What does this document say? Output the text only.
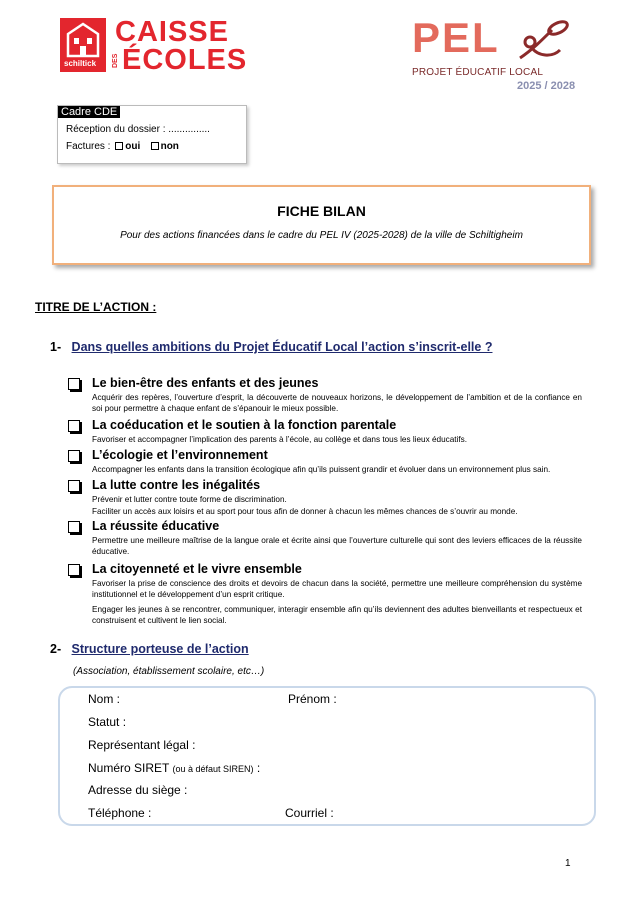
schiltick
CAISSE
DES ÉCOLES	PEL
PROJET ÉDUCATIF LOCAL
2025 / 2028
Cadre CDE
Réception du dossier : ...............
Factures : oui non
FICHE BILAN
Pour des actions financées dans le cadre du PEL IV (2025-2028) de la ville de Schiltigheim
TITRE DE L’ACTION :
1- Dans quelles ambitions du Projet Éducatif Local l’action s’inscrit-elle ?
Le bien-être des enfants et des jeunes
Acquérir des repères, l’ouverture d’esprit, la découverte de nouveaux horizons, le développement de l’ambition et de la confiance en soi pour permettre à chaque enfant de s’épanouir le mieux possible.
La coéducation et le soutien à la fonction parentale
Favoriser et accompagner l’implication des parents à l’école, au collège et dans tous les lieux éducatifs.
L’écologie et l’environnement
Accompagner les enfants dans la transition écologique afin qu’ils puissent grandir et évoluer dans un environnement plus sain.
La lutte contre les inégalités
Prévenir et lutter contre toute forme de discrimination.
Faciliter un accès aux loisirs et au sport pour tous afin de donner à chacun les mêmes chances de s’ouvrir au monde.
La réussite éducative
Permettre une meilleure maîtrise de la langue orale et écrite ainsi que l’ouverture culturelle qui sont des leviers efficaces de la réussite éducative.
La citoyenneté et le vivre ensemble
Favoriser la prise de conscience des droits et devoirs de chacun dans la société, permettre une meilleure compréhension du système institutionnel et le développement d’un esprit critique.
Engager les jeunes à se rencontrer, communiquer, interagir ensemble afin qu’ils deviennent des adultes bienveillants et respectueux et construisent et cultivent le lien social.
2- Structure porteuse de l’action
(Association, établissement scolaire, etc…)
Nom :	Prénom :
Statut :
Représentant légal :
Numéro SIRET (ou à défaut SIREN) :
Adresse du siège :
Téléphone :	Courriel :
1
